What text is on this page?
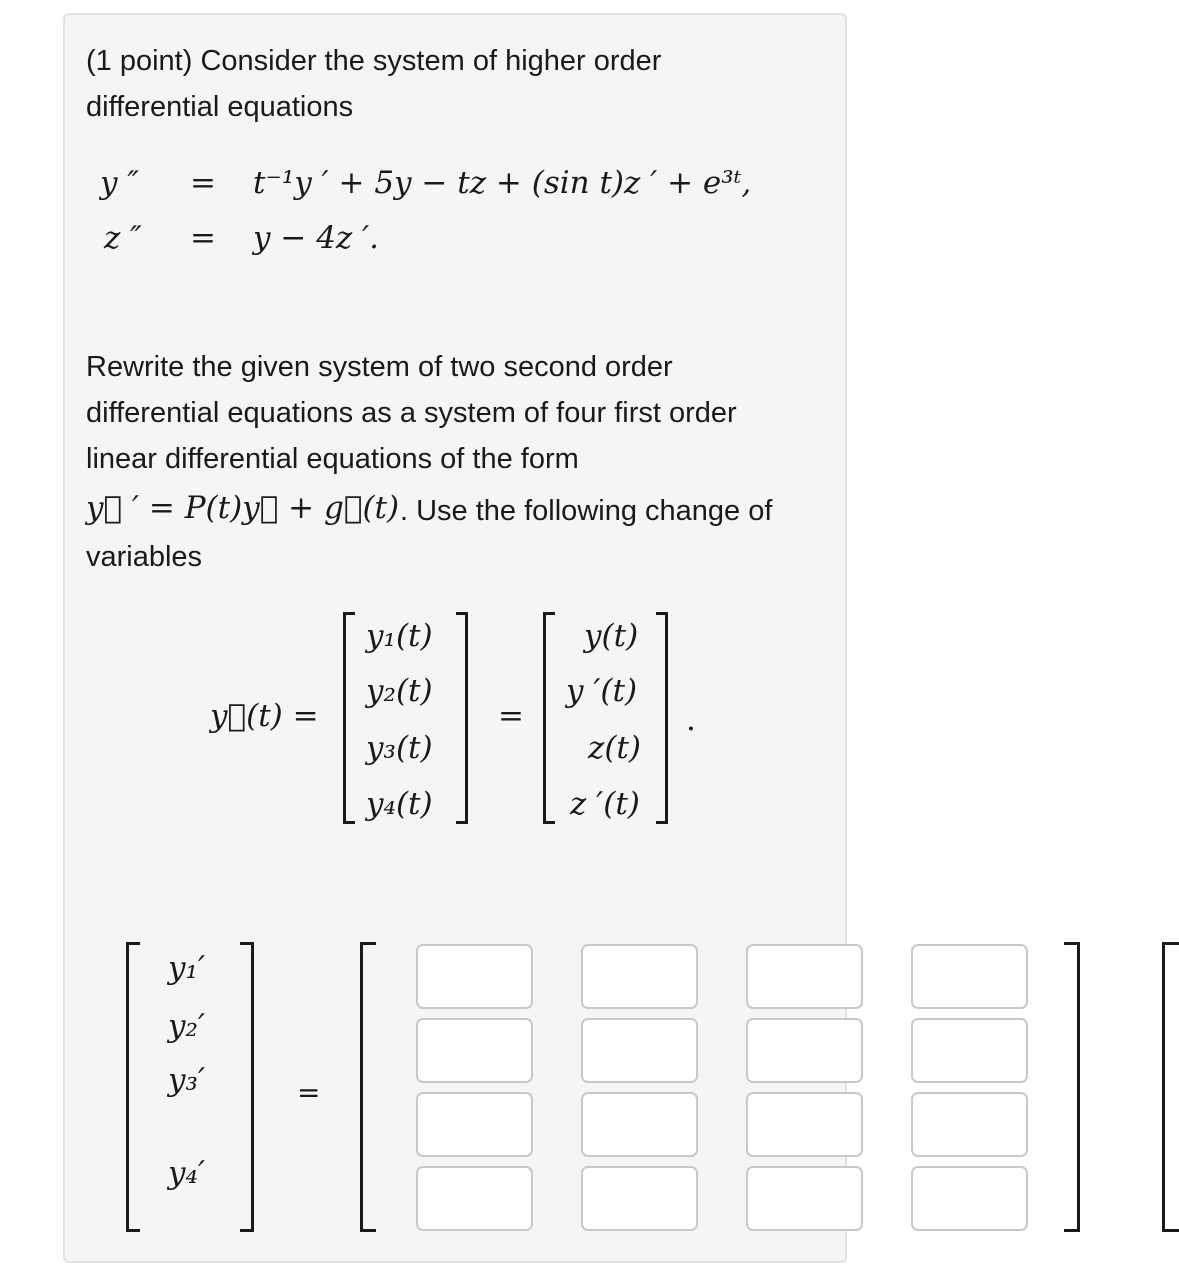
(1 point) Consider the system of higher order
differential equations
y ″ = t⁻¹y ′ + 5y − tz + (sin t)z ′ + e³ᵗ,
z ″ = y − 4z ′.
Rewrite the given system of two second order
differential equations as a system of four first order
linear differential equations of the form
y⃗ ′ = P(t)y⃗ + g⃗(t) . Use the following change of
variables
y⃗(t) =
y₁(t)
y₂(t)
y₃(t)
y₄(t)
=
y(t)
y ′(t)
z(t)
z ′(t)
.
y₁′
y₂′
y₃′
y₄′
=
